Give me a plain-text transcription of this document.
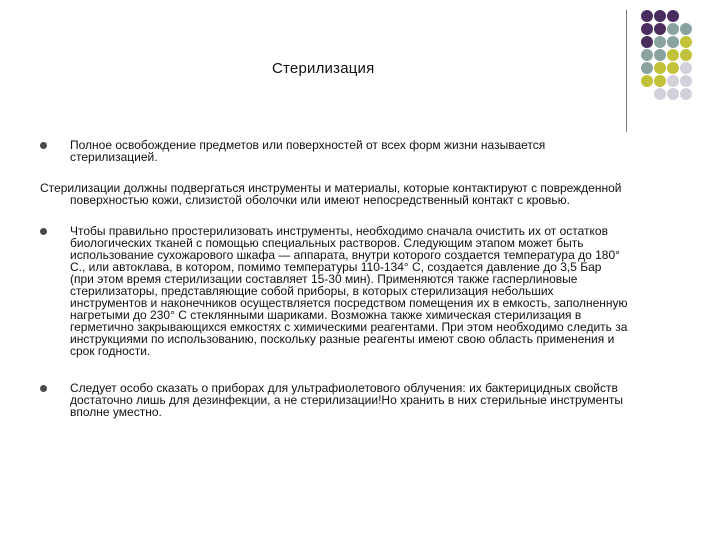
Стерилизация

Полное освобождение предметов или поверхностей от всех форм жизни называется
стерилизацией.

Стерилизации должны подвергаться инструменты и материалы, которые контактируют с поврежденной
поверхностью кожи, слизистой оболочки или имеют непосредственный контакт с кровью.

Чтобы правильно простерилизовать инструменты, необходимо сначала очистить их от остатков
биологических тканей с помощью специальных растворов. Следующим этапом может быть
использование сухожарового шкафа — аппарата, внутри которого создается температура до 180°
С., или автоклава, в котором, помимо температуры 110-134° С, создается давление до 3,5 Бар
(при этом время стерилизации составляет 15-30 мин). Применяются также гасперлиновые
стерилизаторы, представляющие собой приборы, в которых стерилизация небольших
инструментов и наконечников осуществляется посредством помещения их в емкость, заполненную
нагретыми до 230° С стеклянными шариками. Возможна также химическая стерилизация в
герметично закрывающихся емкостях с химическими реагентами. При этом необходимо следить за
инструкциями по использованию, поскольку разные реагенты имеют свою область применения и
срок годности.

Следует особо сказать о приборах для ультрафиолетового облучения: их бактерицидных свойств
достаточно лишь для дезинфекции, а не стерилизации!Но хранить в них стерильные инструменты
вполне уместно.
